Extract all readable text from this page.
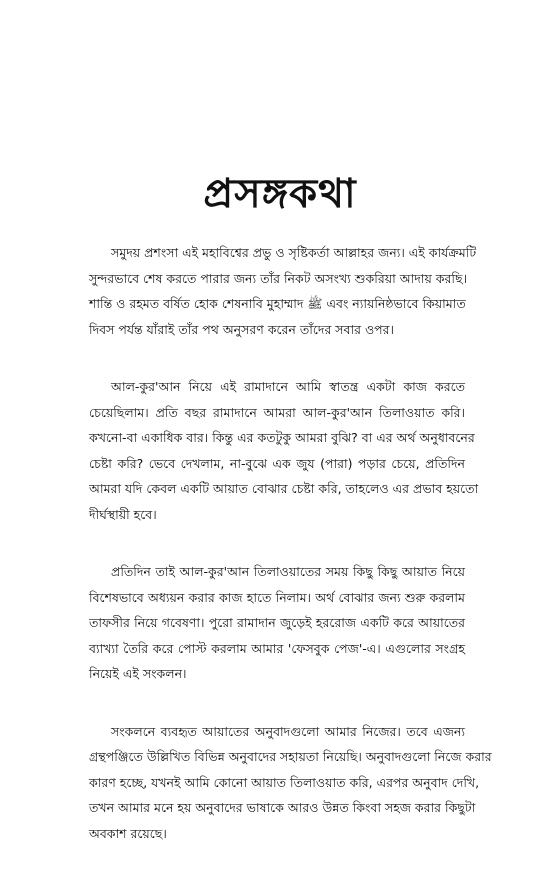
প্রসঙ্গকথা

সমুদয় প্রশংসা এই মহাবিশ্বের প্রভু ও সৃষ্টিকর্তা আল্লাহর জন্য। এই কার্যক্রমটি
সুন্দরভাবে শেষ করতে পারার জন্য তাঁর নিকট অসংখ্য শুকরিয়া আদায় করছি।
শান্তি ও রহমত বর্ষিত হোক শেষনাবি মুহাম্মাদ ﷺ এবং ন্যায়নিষ্ঠভাবে কিয়ামাত
দিবস পর্যন্ত যাঁরাই তাঁর পথ অনুসরণ করেন তাঁদের সবার ওপর।

আল-কুর'আন নিয়ে এই রামাদানে আমি স্বাতন্ত্র একটা কাজ করতে
চেয়েছিলাম। প্রতি বছর রামাদানে আমরা আল-কুর'আন তিলাওয়াত করি।
কখনো-বা একাধিক বার। কিন্তু এর কতটুকু আমরা বুঝি? বা এর অর্থ অনুধাবনের
চেষ্টা করি? ভেবে দেখলাম, না-বুঝে এক জুয (পারা) পড়ার চেয়ে, প্রতিদিন
আমরা যদি কেবল একটি আয়াত বোঝার চেষ্টা করি, তাহলেও এর প্রভাব হয়তো
দীর্ঘস্থায়ী হবে।

প্রতিদিন তাই আল-কুর'আন তিলাওয়াতের সময় কিছু কিছু আয়াত নিয়ে
বিশেষভাবে অধ্যয়ন করার কাজ হাতে নিলাম। অর্থ বোঝার জন্য শুরু করলাম
তাফসীর নিয়ে গবেষণা। পুরো রামাদান জুড়েই হররোজ একটি করে আয়াতের
ব্যাখ্যা তৈরি করে পোস্ট করলাম আমার 'ফেসবুক পেজ'-এ। এগুলোর সংগ্রহ
নিয়েই এই সংকলন।

সংকলনে ব্যবহৃত আয়াতের অনুবাদগুলো আমার নিজের। তবে এজন্য
গ্রন্থপঞ্জিতে উল্লিখিত বিভিন্ন অনুবাদের সহায়তা নিয়েছি। অনুবাদগুলো নিজে করার
কারণ হচ্ছে, যখনই আমি কোনো আয়াত তিলাওয়াত করি, এরপর অনুবাদ দেখি,
তখন আমার মনে হয় অনুবাদের ভাষাকে আরও উন্নত কিংবা সহজ করার কিছুটা
অবকাশ রয়েছে।
